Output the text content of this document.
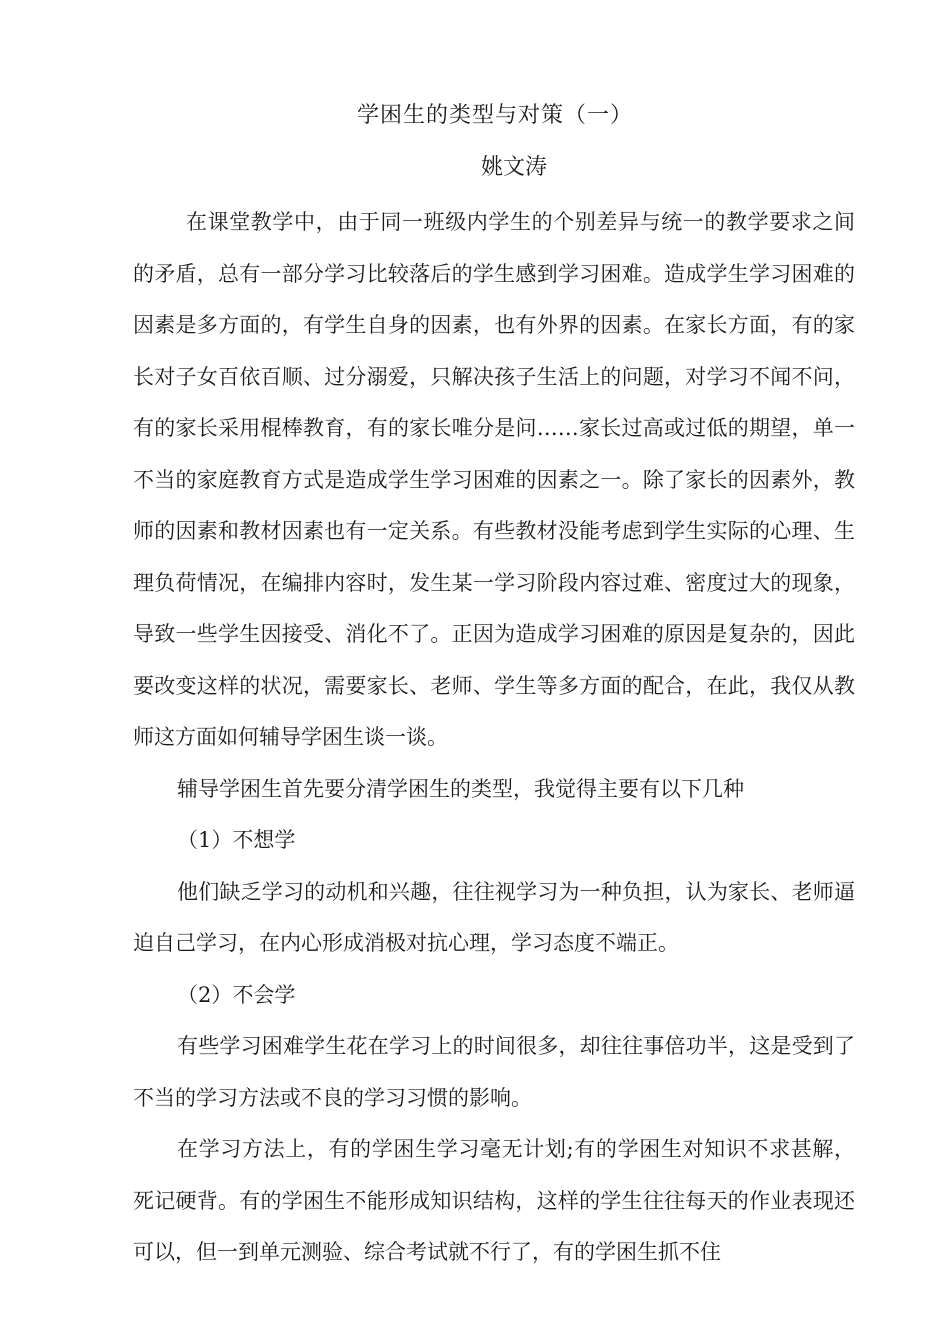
学困生的类型与对策（一）
姚文涛

在课堂教学中，由于同一班级内学生的个别差异与统一的教学要求之间的矛盾，总有一部分学习比较落后的学生感到学习困难。造成学生学习困难的因素是多方面的，有学生自身的因素，也有外界的因素。在家长方面，有的家长对子女百依百顺、过分溺爱，只解决孩子生活上的问题，对学习不闻不问，有的家长采用棍棒教育，有的家长唯分是问……家长过高或过低的期望，单一不当的家庭教育方式是造成学生学习困难的因素之一。除了家长的因素外，教师的因素和教材因素也有一定关系。有些教材没能考虑到学生实际的心理、生理负荷情况，在编排内容时，发生某一学习阶段内容过难、密度过大的现象，导致一些学生因接受、消化不了。正因为造成学习困难的原因是复杂的，因此要改变这样的状况，需要家长、老师、学生等多方面的配合，在此，我仅从教师这方面如何辅导学困生谈一谈。

辅导学困生首先要分清学困生的类型，我觉得主要有以下几种

（1）不想学

他们缺乏学习的动机和兴趣，往往视学习为一种负担，认为家长、老师逼迫自己学习，在内心形成消极对抗心理，学习态度不端正。

（2）不会学

有些学习困难学生花在学习上的时间很多，却往往事倍功半，这是受到了不当的学习方法或不良的学习习惯的影响。

在学习方法上，有的学困生学习毫无计划;有的学困生对知识不求甚解，死记硬背。有的学困生不能形成知识结构，这样的学生往往每天的作业表现还可以，但一到单元测验、综合考试就不行了，有的学困生抓不住
